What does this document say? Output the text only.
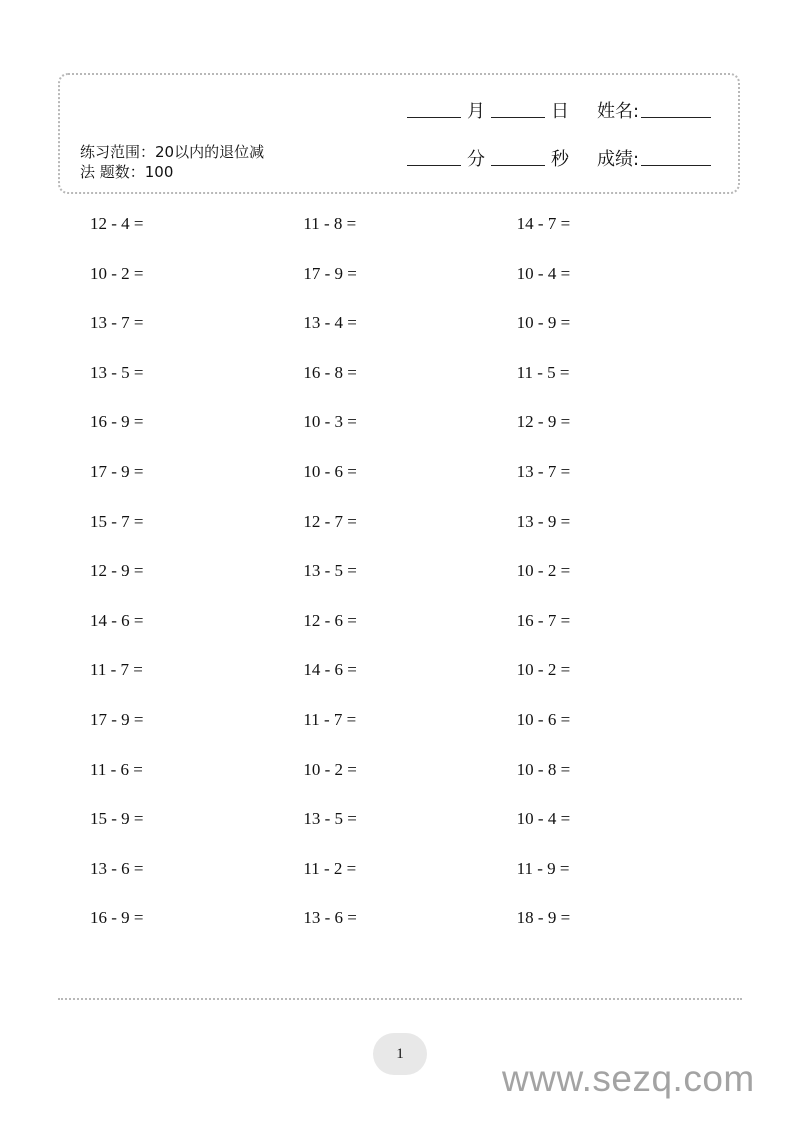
月	日 姓名:
分	秒 成绩:
练习范围：20以内的退位减
法 题数：100
12 - 4 =	11 - 8 =	14 - 7 =
10 - 2 =	17 - 9 =	10 - 4 =
13 - 7 =	13 - 4 =	10 - 9 =
13 - 5 =	16 - 8 =	11 - 5 =
16 - 9 =	10 - 3 =	12 - 9 =
17 - 9 =	10 - 6 =	13 - 7 =
15 - 7 =	12 - 7 =	13 - 9 =
12 - 9 =	13 - 5 =	10 - 2 =
14 - 6 =	12 - 6 =	16 - 7 =
11 - 7 =	14 - 6 =	10 - 2 =
17 - 9 =	11 - 7 =	10 - 6 =
11 - 6 =	10 - 2 =	10 - 8 =
15 - 9 =	13 - 5 =	10 - 4 =
13 - 6 =	11 - 2 =	11 - 9 =
16 - 9 =	13 - 6 =	18 - 9 =
1
www.sezq.com
